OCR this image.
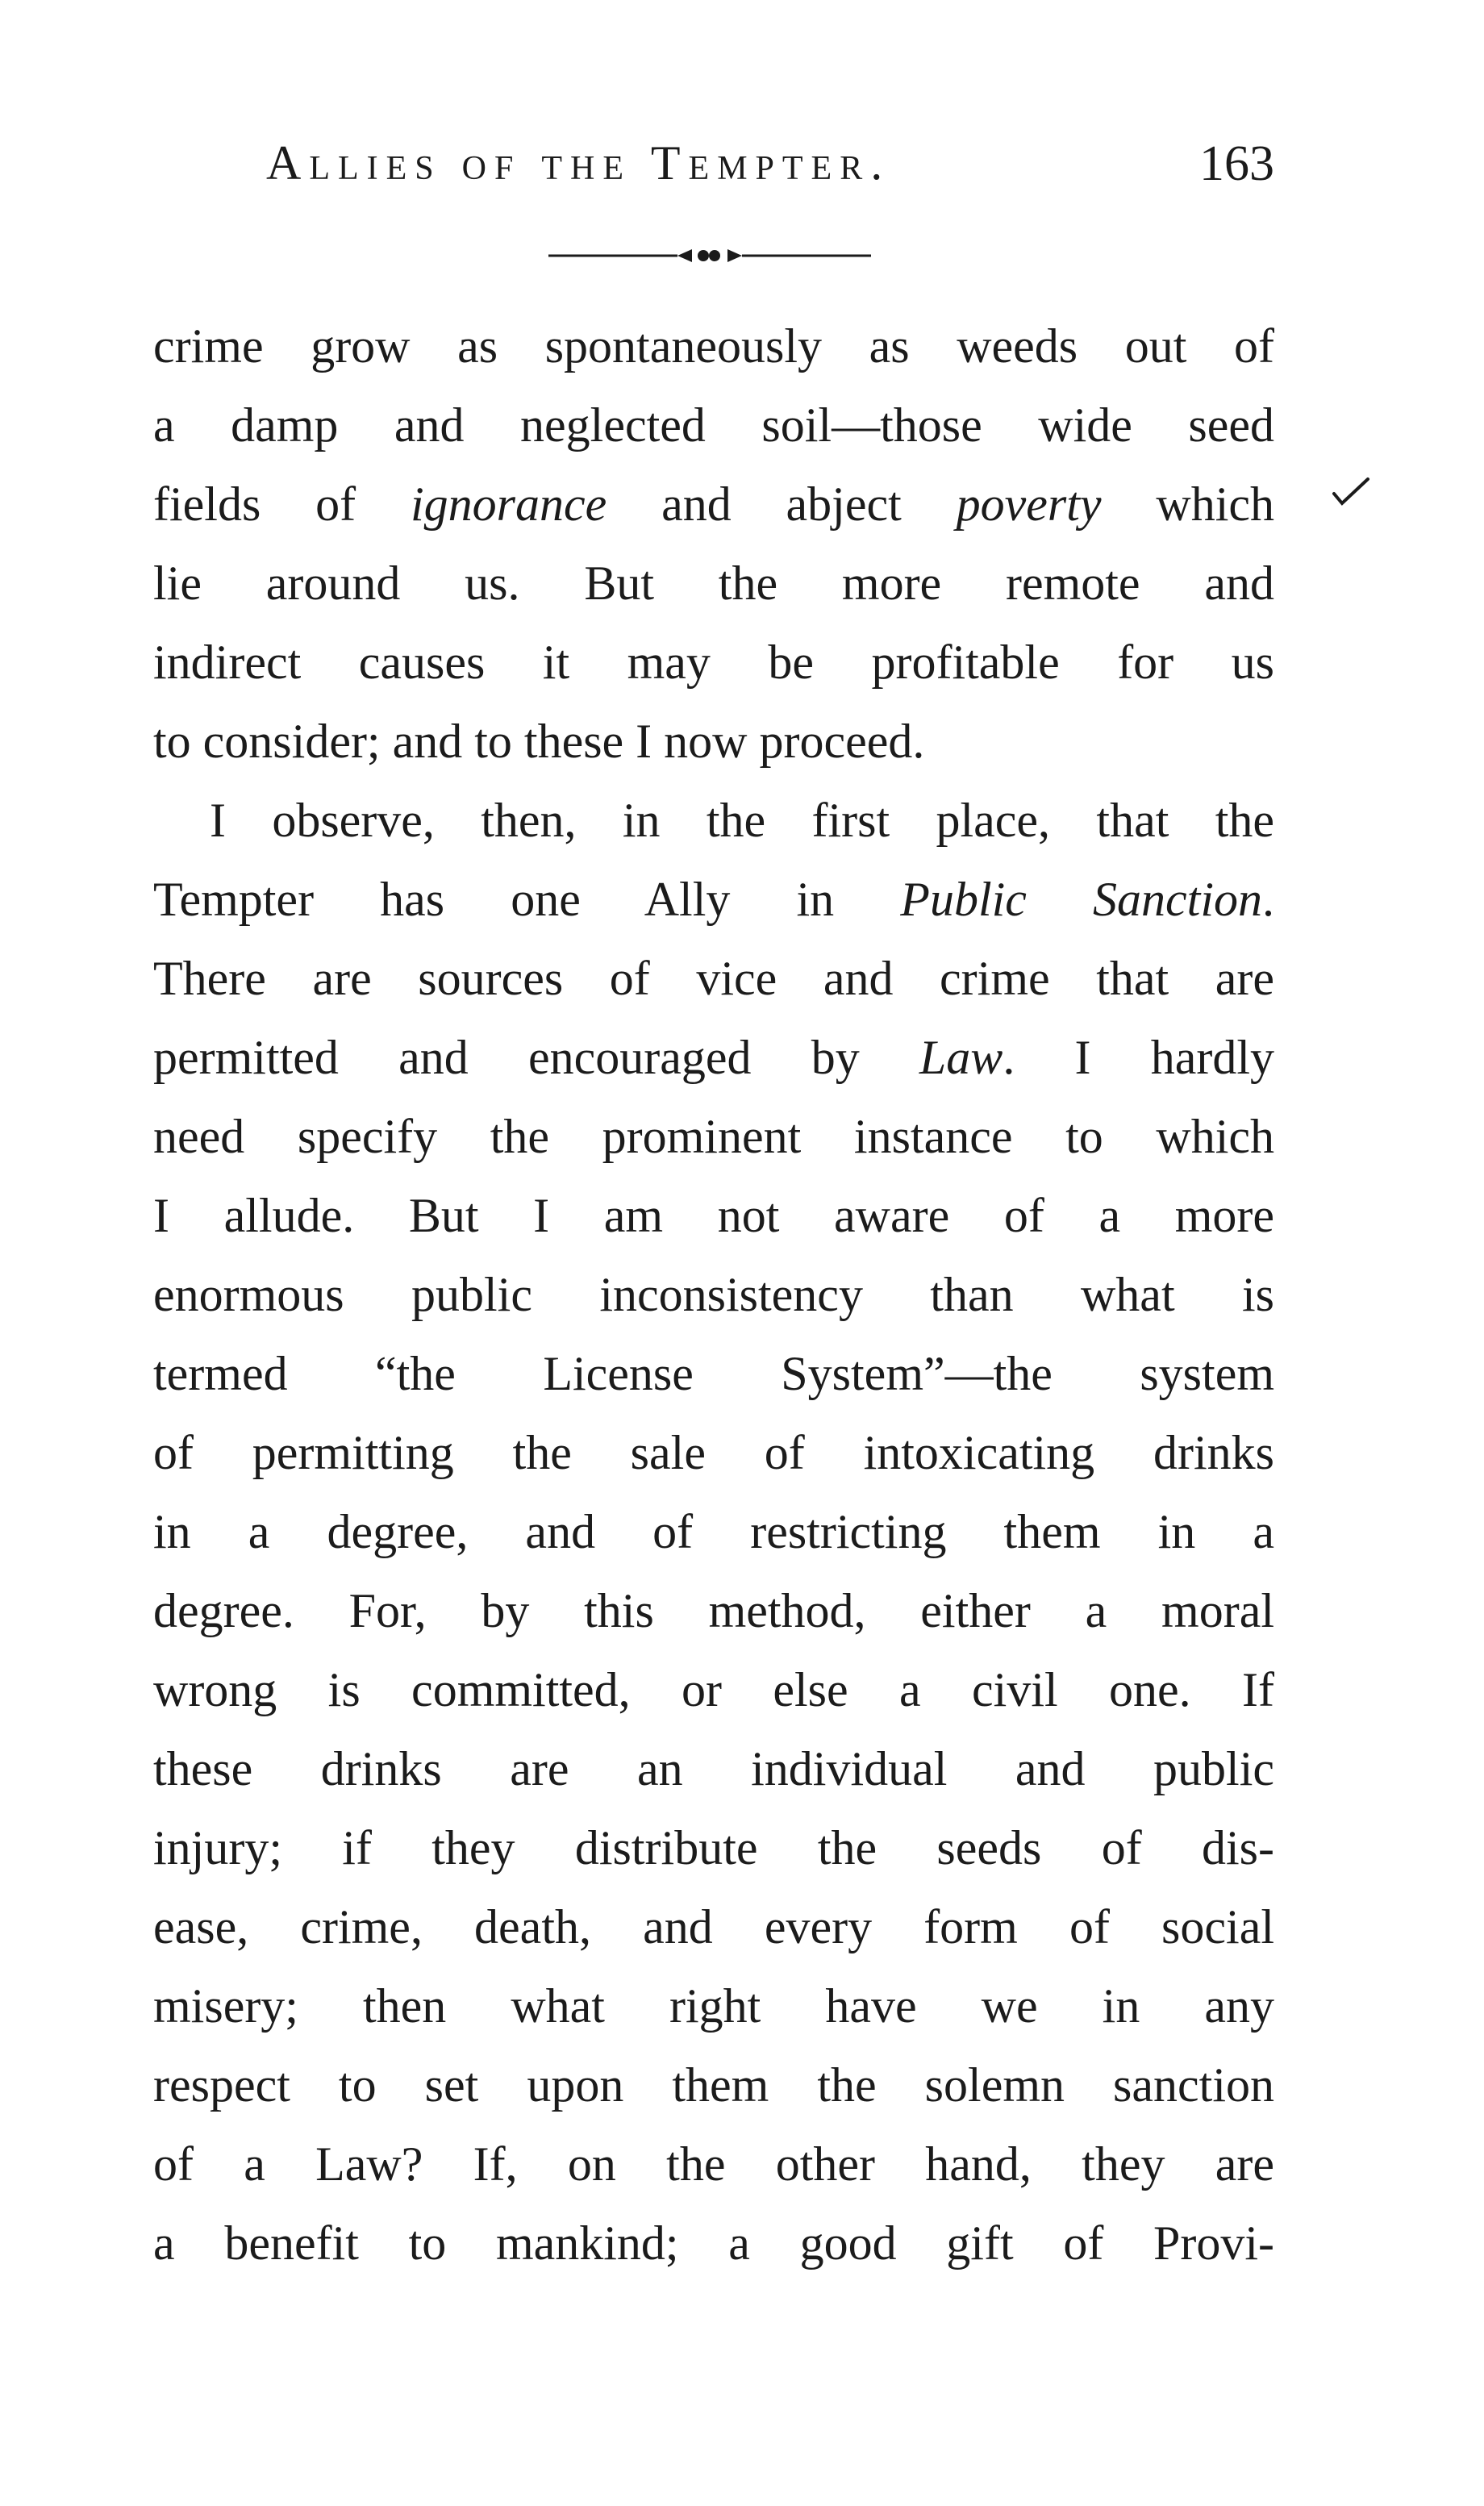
Allies of the Tempter.	163
crime grow as spontaneously as weeds out of
a damp and neglected soil—those wide seed
fields of ignorance and abject poverty which
lie around us. But the more remote and
indirect causes it may be profitable for us
to consider; and to these I now proceed.
I observe, then, in the first place, that the
Tempter has one Ally in Public Sanction.
There are sources of vice and crime that are
permitted and encouraged by Law. I hardly
need specify the prominent instance to which
I allude. But I am not aware of a more
enormous public inconsistency than what is
termed “the License System”—the system
of permitting the sale of intoxicating drinks
in a degree, and of restricting them in a
degree. For, by this method, either a moral
wrong is committed, or else a civil one. If
these drinks are an individual and public
injury; if they distribute the seeds of dis-
ease, crime, death, and every form of social
misery; then what right have we in any
respect to set upon them the solemn sanction
of a Law? If, on the other hand, they are
a benefit to mankind; a good gift of Provi-
